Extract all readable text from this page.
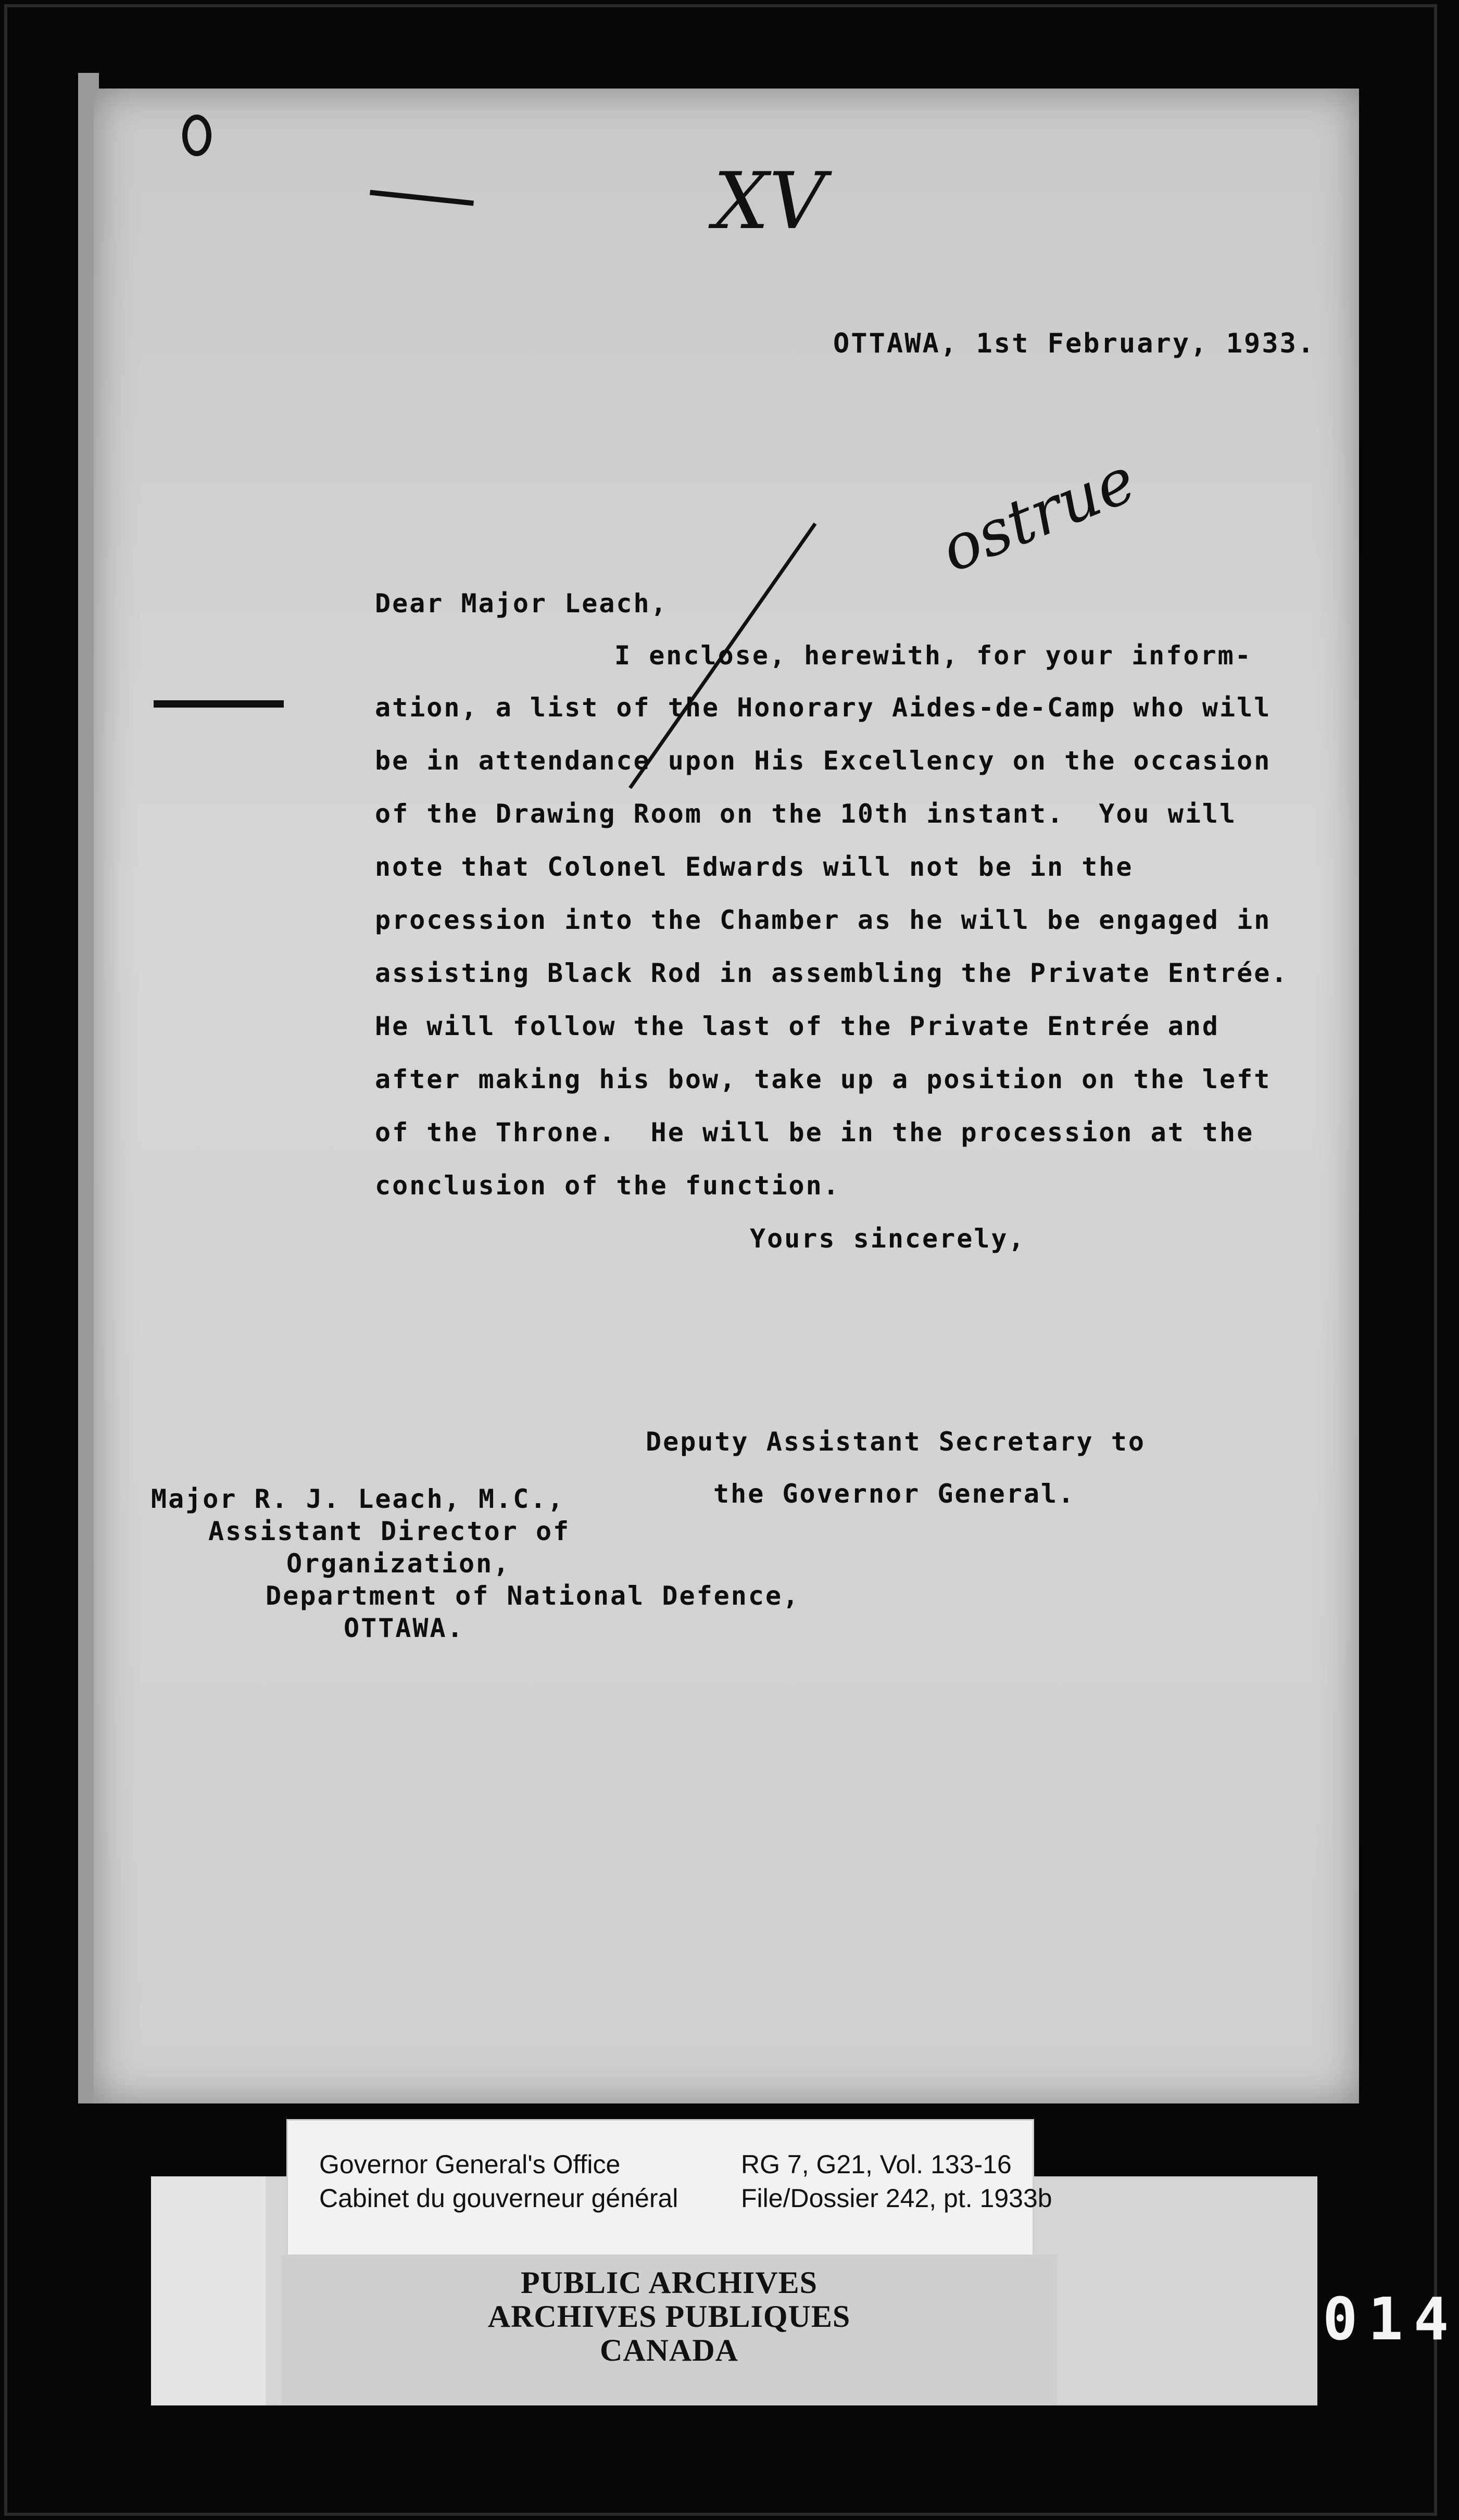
XV
OTTAWA, 1st February, 1933.
ostrue
Dear Major Leach,
I enclose, herewith, for your inform-
ation, a list of the Honorary Aides-de-Camp who will
be in attendance upon His Excellency on the occasion
of the Drawing Room on the 10th instant.  You will
note that Colonel Edwards will not be in the
procession into the Chamber as he will be engaged in
assisting Black Rod in assembling the Private Entrée.
He will follow the last of the Private Entrée and
after making his bow, take up a position on the left
of the Throne.  He will be in the procession at the
conclusion of the function.
Yours sincerely,
Deputy Assistant Secretary to
the Governor General.
Major R. J. Leach, M.C.,
Assistant Director of
Organization,
Department of National Defence,
OTTAWA.
Governor General's Office
Cabinet du gouverneur général
RG 7, G21, Vol. 133-16
File/Dossier 242, pt. 1933b
PUBLIC ARCHIVES
ARCHIVES PUBLIQUES
CANADA	014
